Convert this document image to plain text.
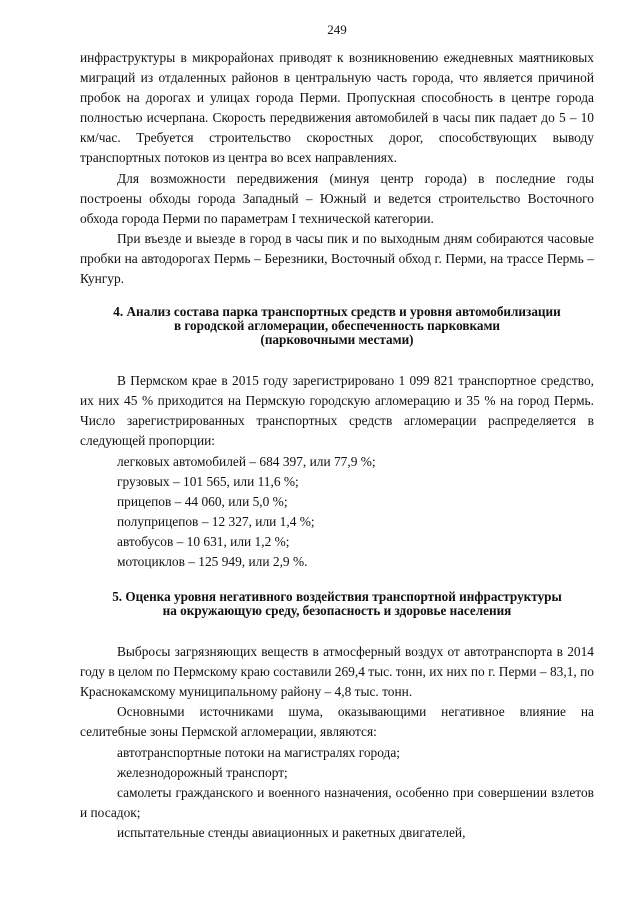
249

инфраструктуры в микрорайонах приводят к возникновению ежедневных маятниковых миграций из отдаленных районов в центральную часть города, что является причиной пробок на дорогах и улицах города Перми. Пропускная способность в центре города полностью исчерпана. Скорость передвижения автомобилей в часы пик падает до 5 – 10 км/час. Требуется строительство скоростных дорог, способствующих выводу транспортных потоков из центра во всех направлениях.

Для возможности передвижения (минуя центр города) в последние годы построены обходы города Западный – Южный и ведется строительство Восточного обхода города Перми по параметрам I технической категории.

При въезде и выезде в город в часы пик и по выходным дням собираются часовые пробки на автодорогах Пермь – Березники, Восточный обход г. Перми, на трассе Пермь – Кунгур.

4. Анализ состава парка транспортных средств и уровня автомобилизации
в городской агломерации, обеспеченность парковками
(парковочными местами)

В Пермском крае в 2015 году зарегистрировано 1 099 821 транспортное средство, их них 45 % приходится на Пермскую городскую агломерацию и 35 % на город Пермь. Число зарегистрированных транспортных средств агломерации распределяется в следующей пропорции:

легковых автомобилей – 684 397, или 77,9 %;

грузовых – 101 565, или 11,6 %;

прицепов – 44 060, или 5,0 %;

полуприцепов – 12 327, или 1,4 %;

автобусов – 10 631, или 1,2 %;

мотоциклов – 125 949, или 2,9 %.

5. Оценка уровня негативного воздействия транспортной инфраструктуры
на окружающую среду, безопасность и здоровье населения

Выбросы загрязняющих веществ в атмосферный воздух от автотранспорта в 2014 году в целом по Пермскому краю составили 269,4 тыс. тонн, их них по г. Перми – 83,1, по Краснокамскому муниципальному району – 4,8 тыс. тонн.

Основными источниками шума, оказывающими негативное влияние на селитебные зоны Пермской агломерации, являются:

автотранспортные потоки на магистралях города;

железнодорожный транспорт;

самолеты гражданского и военного назначения, особенно при совершении взлетов и посадок;

испытательные стенды авиационных и ракетных двигателей,
